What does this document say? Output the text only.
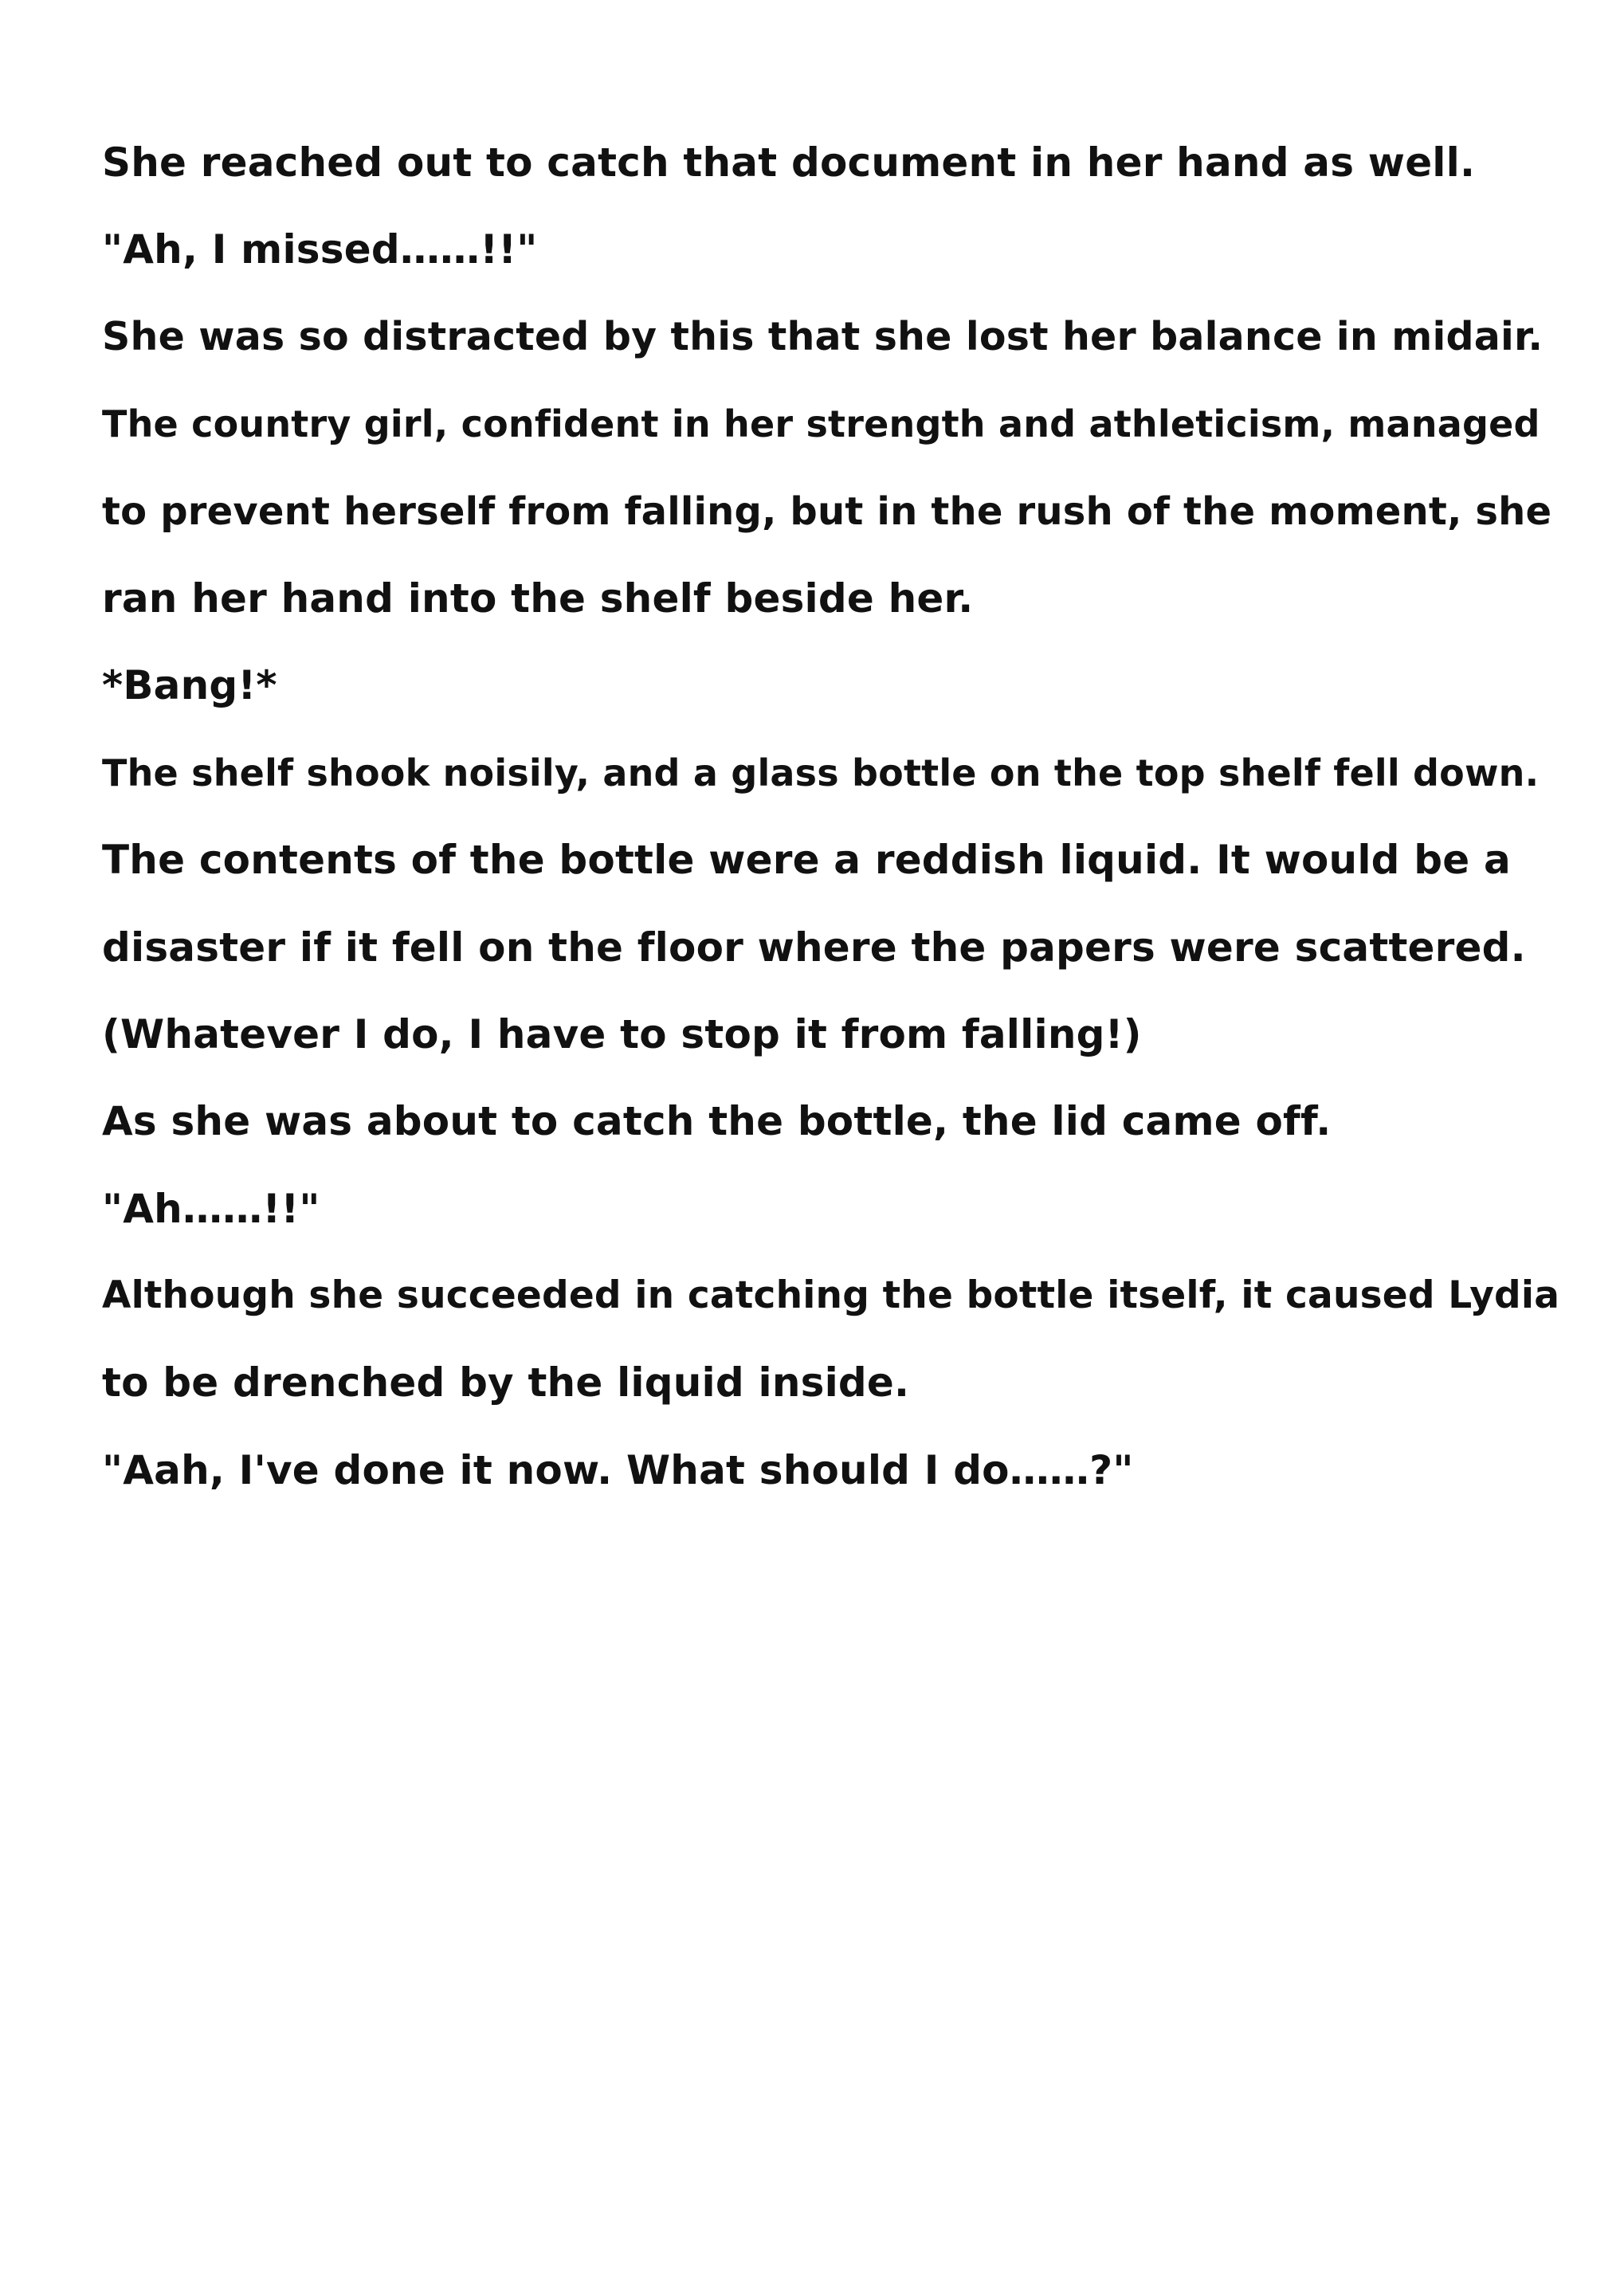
She reached out to catch that document in her hand as well.

"Ah, I missed……!!"

She was so distracted by this that she lost her balance in midair.

The country girl, confident in her strength and athleticism, managed

to prevent herself from falling, but in the rush of the moment, she

ran her hand into the shelf beside her.

*Bang!*

The shelf shook noisily, and a glass bottle on the top shelf fell down.

The contents of the bottle were a reddish liquid. It would be a

disaster if it fell on the floor where the papers were scattered.

(Whatever I do, I have to stop it from falling!)

As she was about to catch the bottle, the lid came off.

"Ah……!!"

Although she succeeded in catching the bottle itself, it caused Lydia

to be drenched by the liquid inside.

"Aah, I've done it now. What should I do……?"
